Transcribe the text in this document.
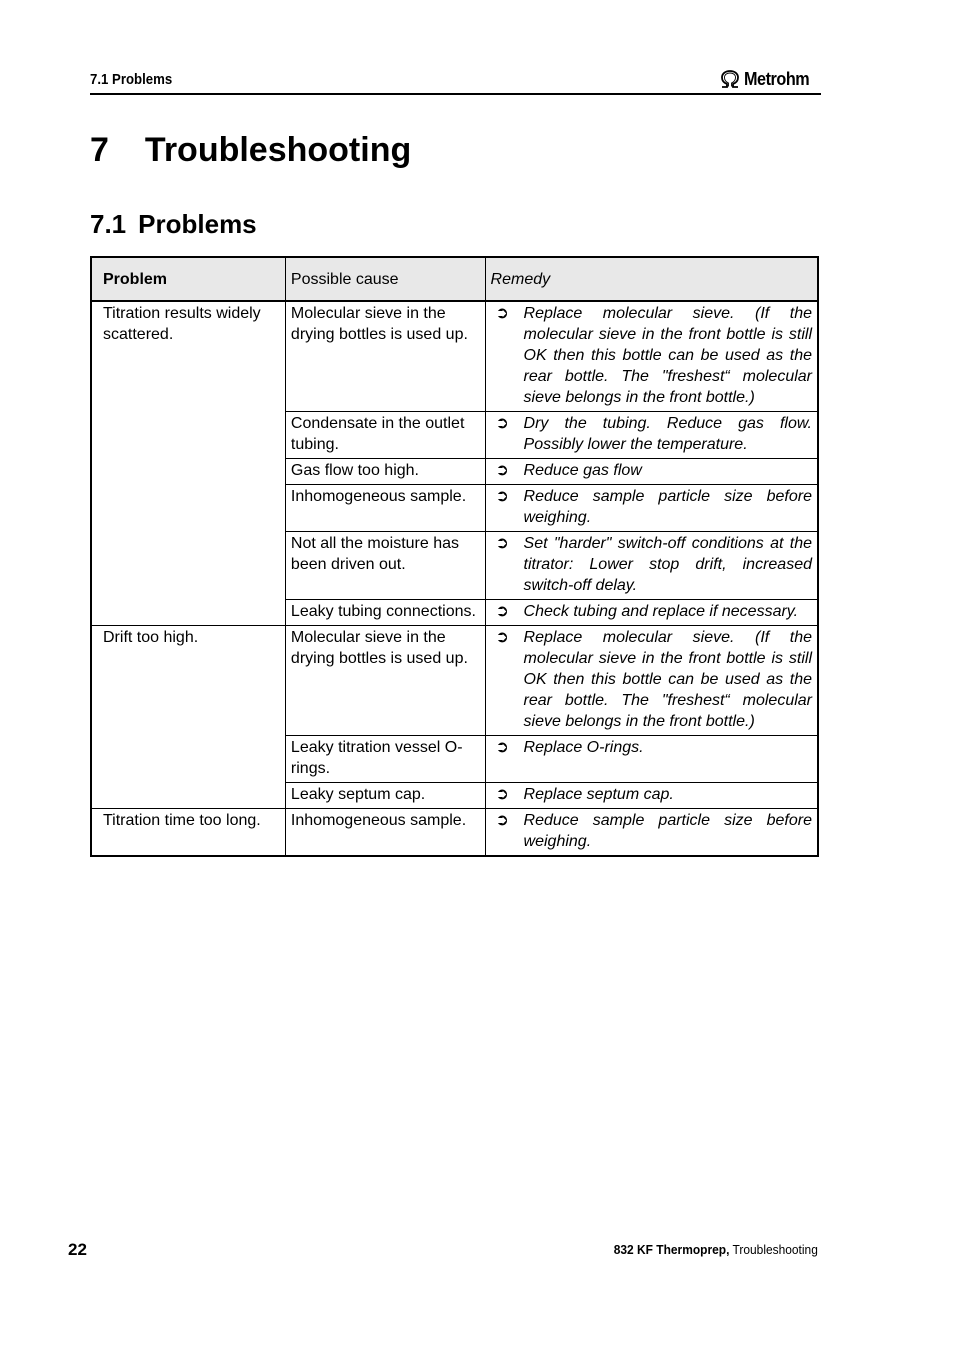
7.1 Problems	Metrohm
7 Troubleshooting
7.1 Problems
Problem	Possible cause	Remedy
Titration results widely scattered.	Molecular sieve in the drying bottles is used up.	➲ Replace molecular sieve. (If the molecular sieve in the front bottle is still OK then this bottle can be used as the rear bottle. The "freshest“ molecular sieve belongs in the front bottle.)

	Condensate in the outlet tubing.	➲ Dry the tubing. Reduce gas flow. Possibly lower the temperature.

	Gas flow too high.	➲ Reduce gas flow

	Inhomogeneous sample.	➲ Reduce sample particle size before weighing.

	Not all the moisture has been driven out.	➲ Set "harder" switch-off conditions at the titrator: Lower stop drift, increased switch-off delay.

	Leaky tubing connections.	➲ Check tubing and replace if necessary.

Drift too high.	Molecular sieve in the drying bottles is used up.	➲ Replace molecular sieve. (If the molecular sieve in the front bottle is still OK then this bottle can be used as the rear bottle. The "freshest“ molecular sieve belongs in the front bottle.)

	Leaky titration vessel O-rings.	➲ Replace O-rings.

	Leaky septum cap.	➲ Replace septum cap.

Titration time too long.	Inhomogeneous sample.	➲ Reduce sample particle size before weighing.
22	832 KF Thermoprep, Troubleshooting
